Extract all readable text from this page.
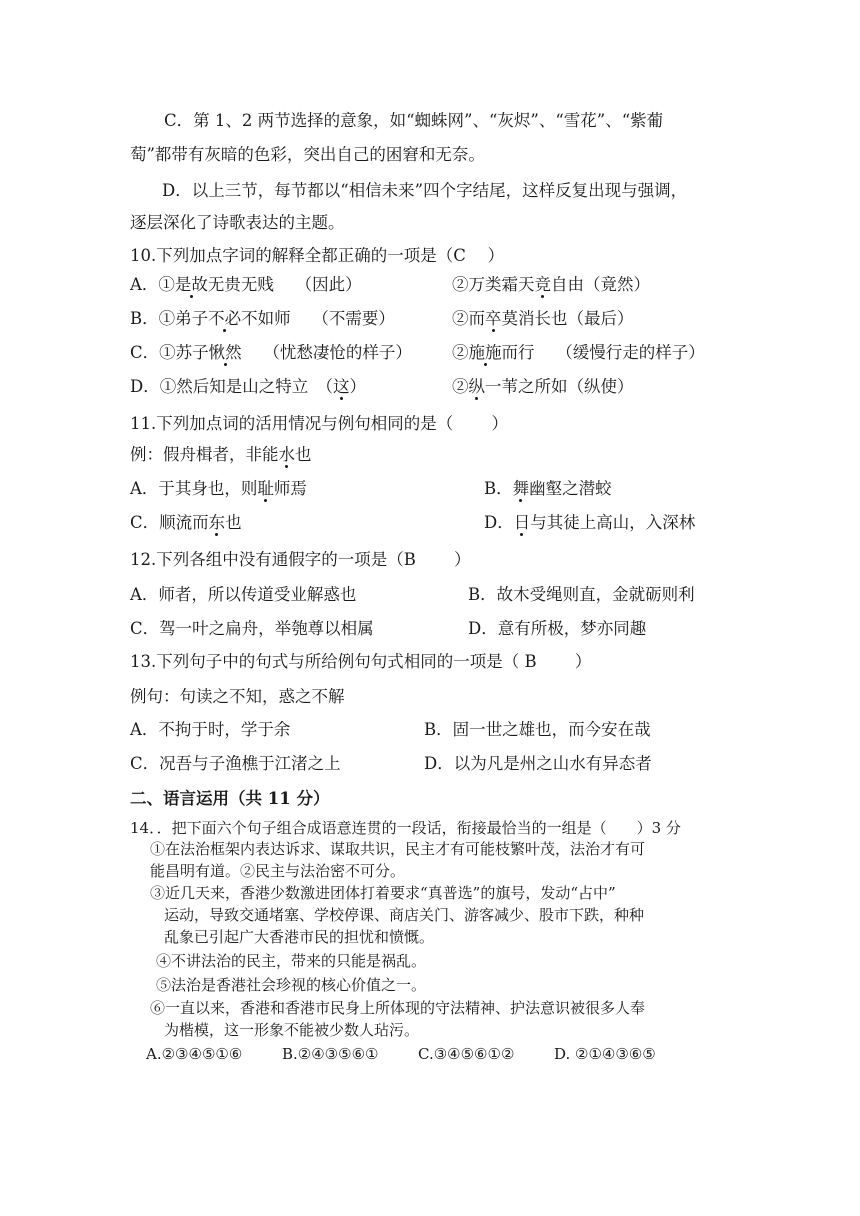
C．第 1、2 两节选择的意象，如“蜘蛛网”、“灰烬”、“雪花”、“紫葡
萄”都带有灰暗的色彩，突出自己的困窘和无奈。
D．以上三节，每节都以“相信未来”四个字结尾，这样反复出现与强调，
逐层深化了诗歌表达的主题。
10.下列加点字词的解释全都正确的一项是（C　 ）
A．①是故无贵无贱　 （因此）	②万类霜天竞自由（竟然）
B．①弟子不必不如师　 （不需要）	②而卒莫消长也（最后）
C．①苏子愀然　 （忧愁凄怆的样子） ②施施而行　 （缓慢行走的样子）
D．①然后知是山之特立　（这）	②纵一苇之所如（纵使）
11.下列加点词的活用情况与例句相同的是（　　 ）
例：假舟楫者，非能水也
A．于其身也，则耻师焉	B．舞幽壑之潜蛟
C．顺流而东也	D．日与其徒上高山，入深林
12.下列各组中没有通假字的一项是（B　　 ）
A．师者，所以传道受业解惑也	B．故木受绳则直，金就砺则利
C．驾一叶之扁舟，举匏尊以相属	D．意有所极，梦亦同趣
13.下列句子中的句式与所给例句句式相同的一项是（ B　　 ）
例句：句读之不知，惑之不解
A．不拘于时，学于余	B．固一世之雄也，而今安在哉
C．况吾与子渔樵于江渚之上	D．以为凡是州之山水有异态者
二、语言运用（共 11 分）
14．．把下面六个句子组合成语意连贯的一段话，衔接最恰当的一组是（　　）3 分
①在法治框架内表达诉求、谋取共识，民主才有可能枝繁叶茂，法治才有可
能昌明有道。②民主与法治密不可分。
③近几天来，香港少数激进团体打着要求“真普选”的旗号，发动“占中”
运动，导致交通堵塞、学校停课、商店关门、游客减少、股市下跌，种种
乱象已引起广大香港市民的担忧和愤慨。
④不讲法治的民主，带来的只能是祸乱。
⑤法治是香港社会珍视的核心价值之一。
⑥一直以来，香港和香港市民身上所体现的守法精神、护法意识被很多人奉
为楷模，这一形象不能被少数人玷污。
A.②③④⑤①⑥	B.②④③⑤⑥①	C.③④⑤⑥①②	D. ②①④③⑥⑤
